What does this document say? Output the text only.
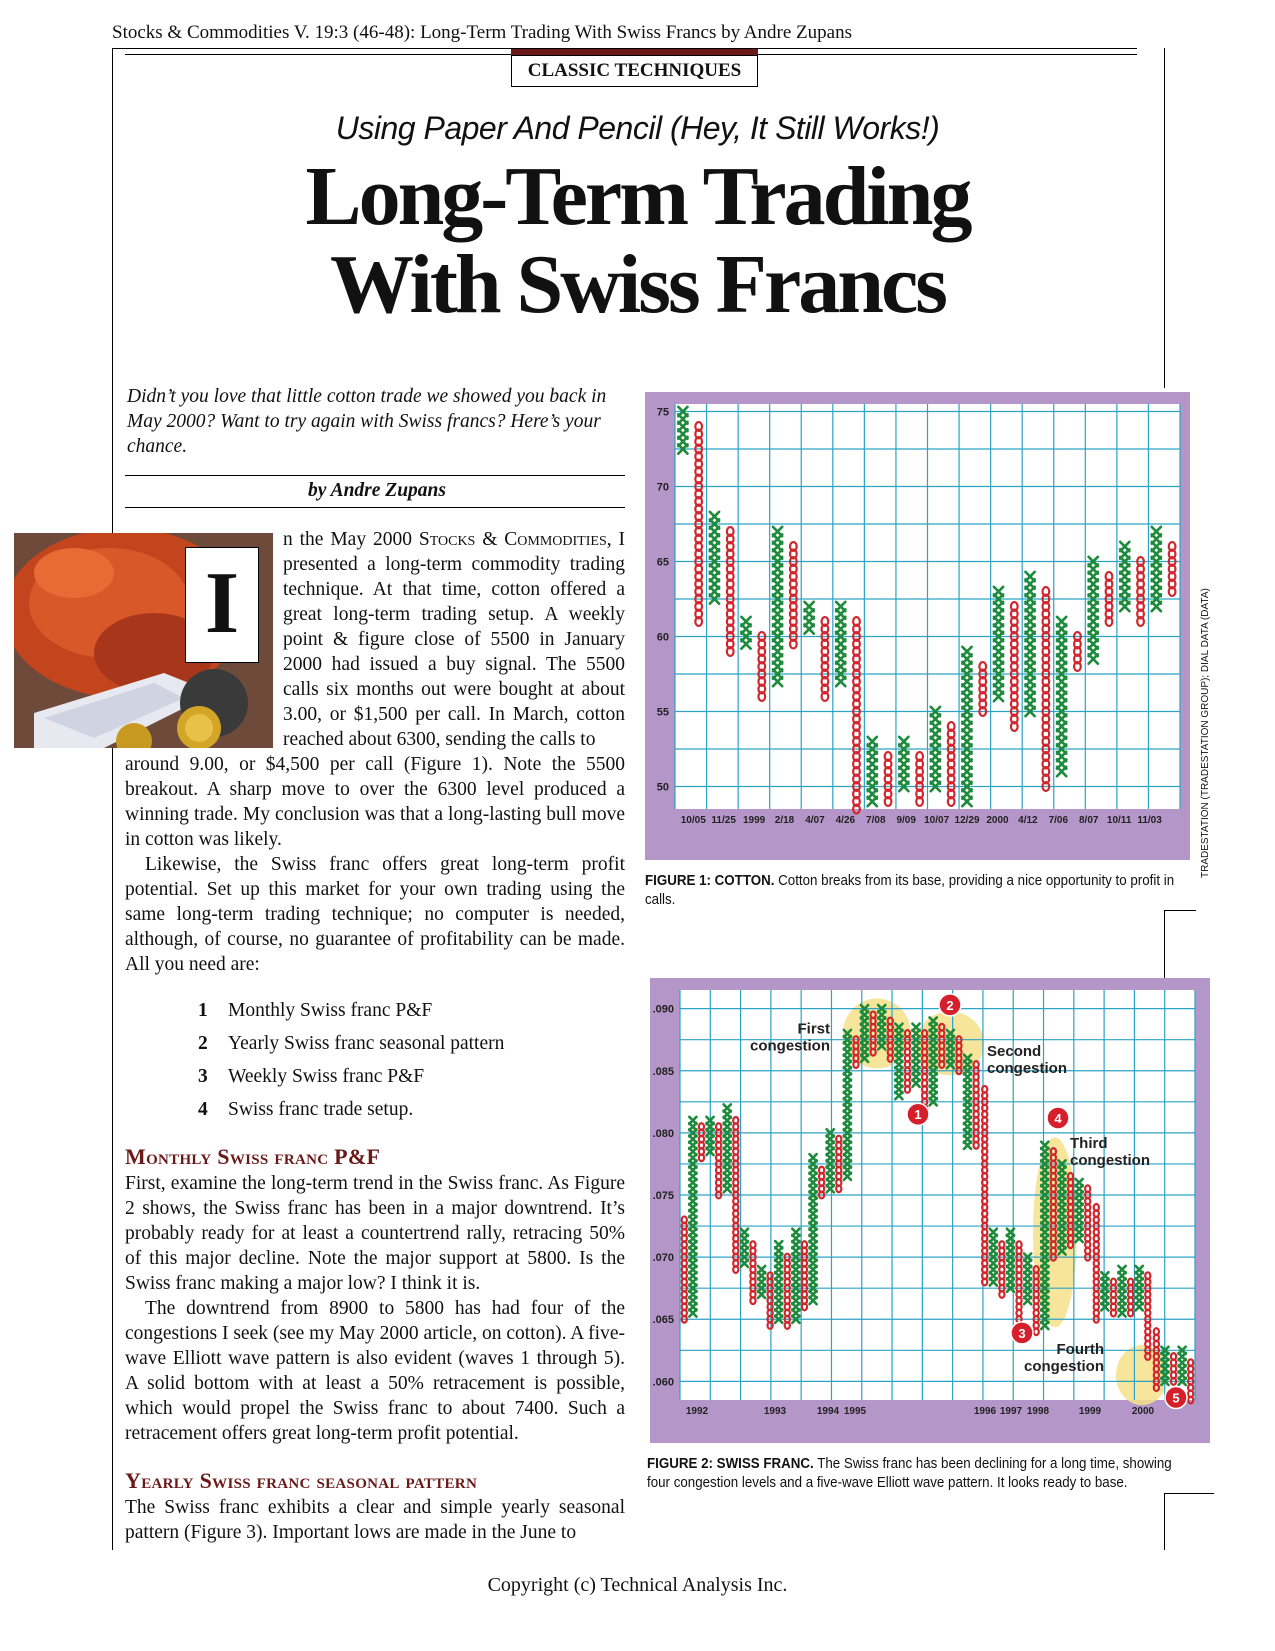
Stocks & Commodities V. 19:3 (46-48): Long-Term Trading With Swiss Francs by Andre Zupans
CLASSIC TECHNIQUES
Using Paper And Pencil (Hey, It Still Works!)
Long-Term Trading
With Swiss Francs
Didn’t you love that little cotton trade we showed you back in May 2000? Want to try again with Swiss francs? Here’s your chance.
by Andre Zupans
I
n the May 2000 Stocks & Commodities, I presented a long-term commodity trading technique. At that time, cotton offered a great long-term trading setup. A weekly point & figure close of 5500 in January 2000 had issued a buy signal. The 5500 calls six months out were bought at about 3.00, or $1,500 per call. In March, cotton reached about 6300, sending the calls to

around 9.00, or $4,500 per call (Figure 1). Note the 5500 breakout. A sharp move to over the 6300 level produced a winning trade. My conclusion was that a long-lasting bull move in cotton was likely.

Likewise, the Swiss franc offers great long-term profit potential. Set up this market for your own trading using the same long-term trading technique; no computer is needed, although, of course, no guarantee of profitability can be made. All you need are:

1 Monthly Swiss franc P&F
2 Yearly Swiss franc seasonal pattern
3 Weekly Swiss franc P&F
4 Swiss franc trade setup.
Monthly Swiss franc P&F

First, examine the long-term trend in the Swiss franc. As Figure 2 shows, the Swiss franc has been in a major downtrend. It’s probably ready for at least a countertrend rally, retracing 50% of this major decline. Note the major support at 5800. Is the Swiss franc making a major low? I think it is.

The downtrend from 8900 to 5800 has had four of the congestions I seek (see my May 2000 article, on cotton). A five-wave Elliott wave pattern is also evident (waves 1 through 5). A solid bottom with at least a 50% retracement is possible, which would propel the Swiss franc to about 7400. Such a retracement offers great long-term profit potential.

Yearly Swiss franc seasonal pattern

The Swiss franc exhibits a clear and simple yearly seasonal pattern (Figure 3). Important lows are made in the June to

75
70
65
60
55
50
10/05 11/25 1999 2/18 4/07 4/26 7/08 9/09 10/07 12/29 2000 4/12 7/06 8/07 10/11 11/03
FIGURE 1: COTTON. Cotton breaks from its base, providing a nice opportunity to profit in calls.
.090
.085
.080
.075
.070
.065
.060
1992	1993	1994 1995	1996 1997 1998	1999	2000
First
congestion	Second
congestion
Third
congestion
Fourth
congestion
1
2
3
4
5
FIGURE 2: SWISS FRANC. The Swiss franc has been declining for a long time, showing four congestion levels and a five-wave Elliott wave pattern. It looks ready to base.
TRADESTATION (TRADESTATION GROUP); DIAL DATA (DATA)
Copyright (c) Technical Analysis Inc.
